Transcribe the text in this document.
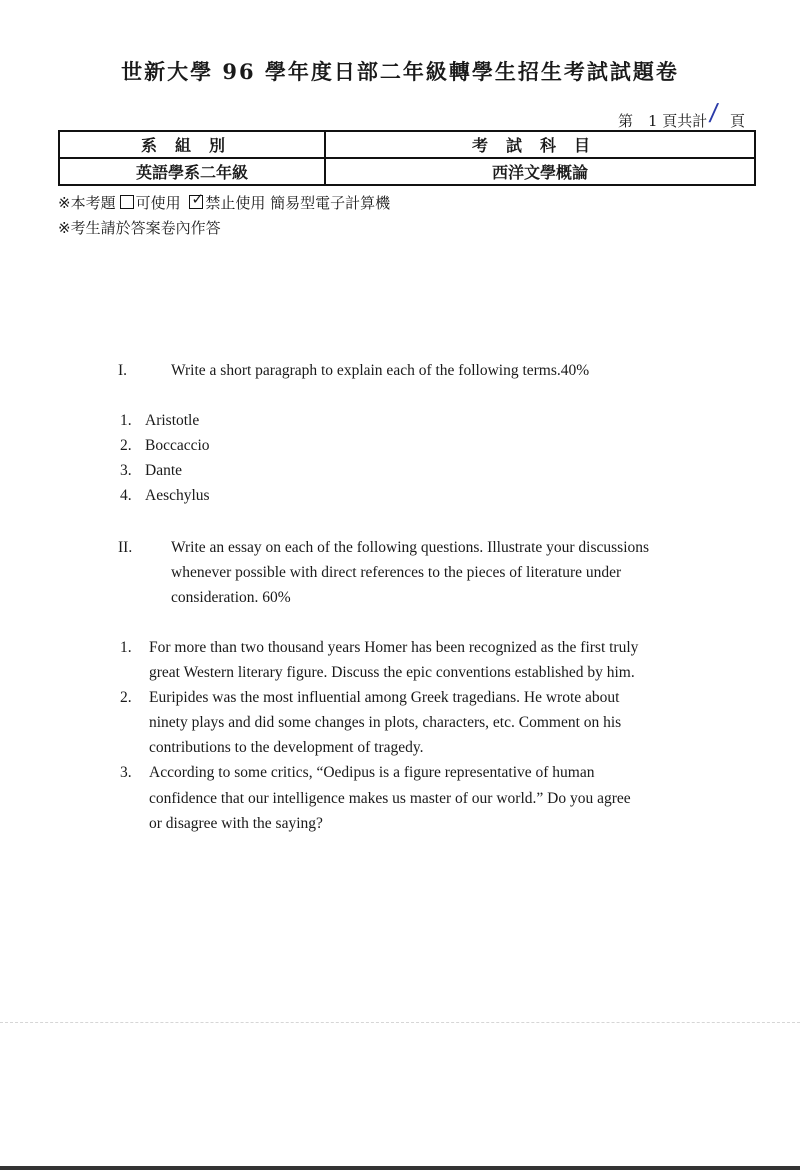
世新大學 96 學年度日部二年級轉學生招生考試試題卷
第　1 頁共計 / 頁
系組別	考試科目
英語學系二年級	西洋文學概論
※本考題 可使用 ✓ 禁止使用 簡易型電子計算機
※考生請於答案卷內作答
I.	Write a short paragraph to explain each of the following terms.40%
1. Aristotle
2. Boccaccio
3. Dante
4. Aeschylus
II.	Write an essay on each of the following questions. Illustrate your discussions
whenever possible with direct references to the pieces of literature under
consideration. 60%
1. For more than two thousand years Homer has been recognized as the first truly
great Western literary figure. Discuss the epic conventions established by him.
2. Euripides was the most influential among Greek tragedians. He wrote about
ninety plays and did some changes in plots, characters, etc. Comment on his
contributions to the development of tragedy.
3. According to some critics, “Oedipus is a figure representative of human
confidence that our intelligence makes us master of our world.” Do you agree
or disagree with the saying?
